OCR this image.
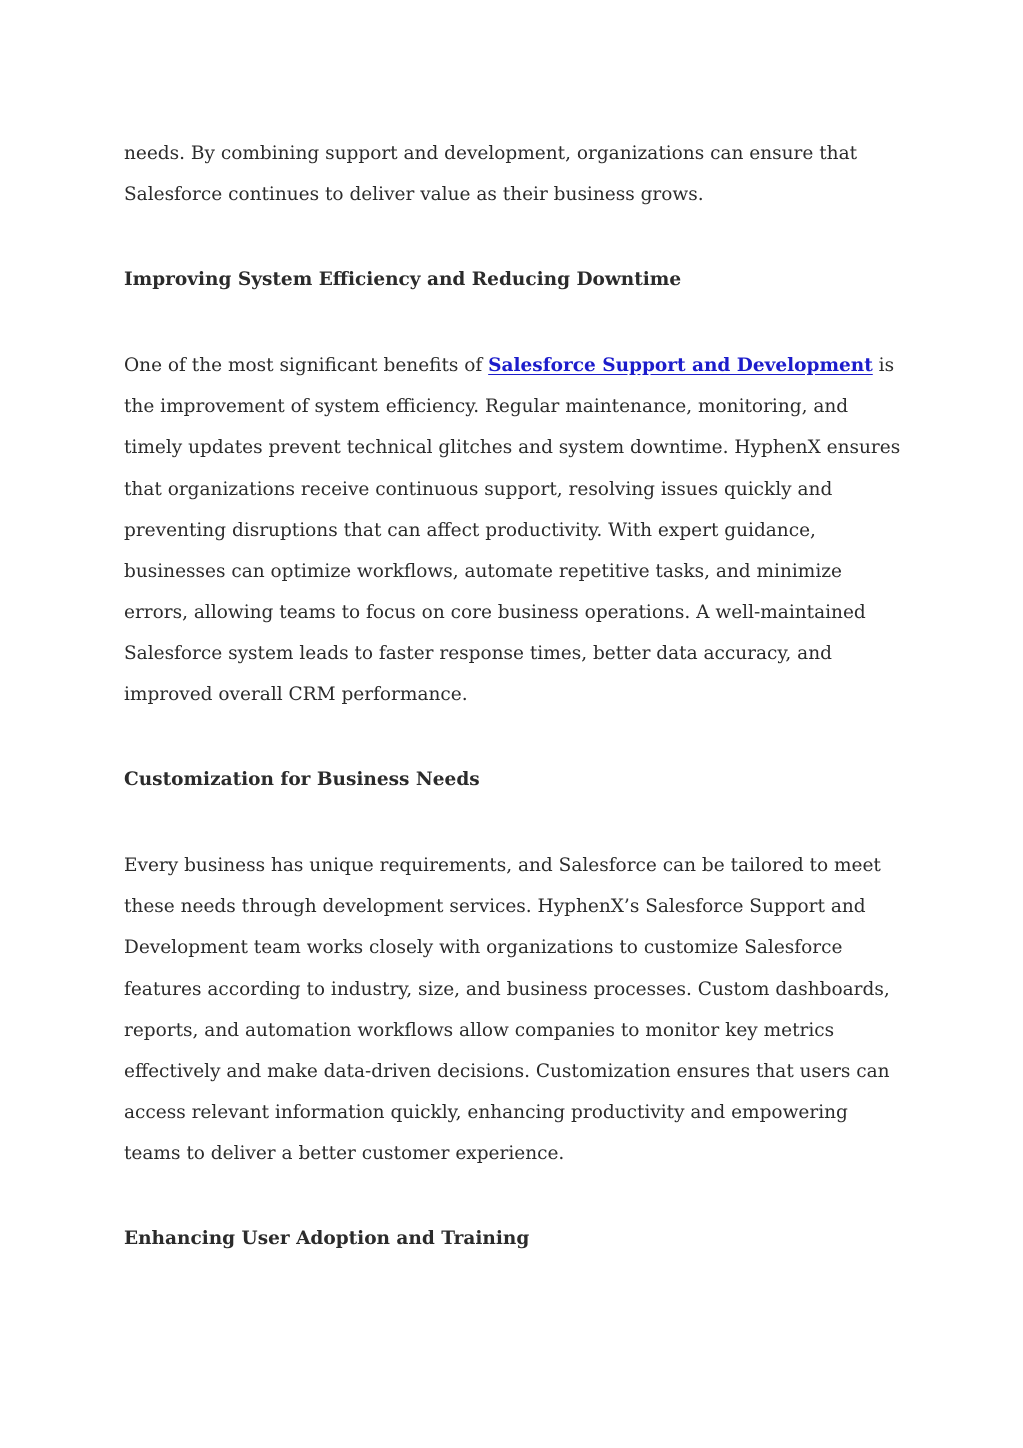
needs. By combining support and development, organizations can ensure that Salesforce continues to deliver value as their business grows.

Improving System Efficiency and Reducing Downtime

One of the most significant benefits of Salesforce Support and Development is the improvement of system efficiency. Regular maintenance, monitoring, and timely updates prevent technical glitches and system downtime. HyphenX ensures that organizations receive continuous support, resolving issues quickly and preventing disruptions that can affect productivity. With expert guidance, businesses can optimize workflows, automate repetitive tasks, and minimize errors, allowing teams to focus on core business operations. A well-maintained Salesforce system leads to faster response times, better data accuracy, and improved overall CRM performance.

Customization for Business Needs

Every business has unique requirements, and Salesforce can be tailored to meet these needs through development services. HyphenX’s Salesforce Support and Development team works closely with organizations to customize Salesforce features according to industry, size, and business processes. Custom dashboards, reports, and automation workflows allow companies to monitor key metrics effectively and make data-driven decisions. Customization ensures that users can access relevant information quickly, enhancing productivity and empowering teams to deliver a better customer experience.

Enhancing User Adoption and Training
